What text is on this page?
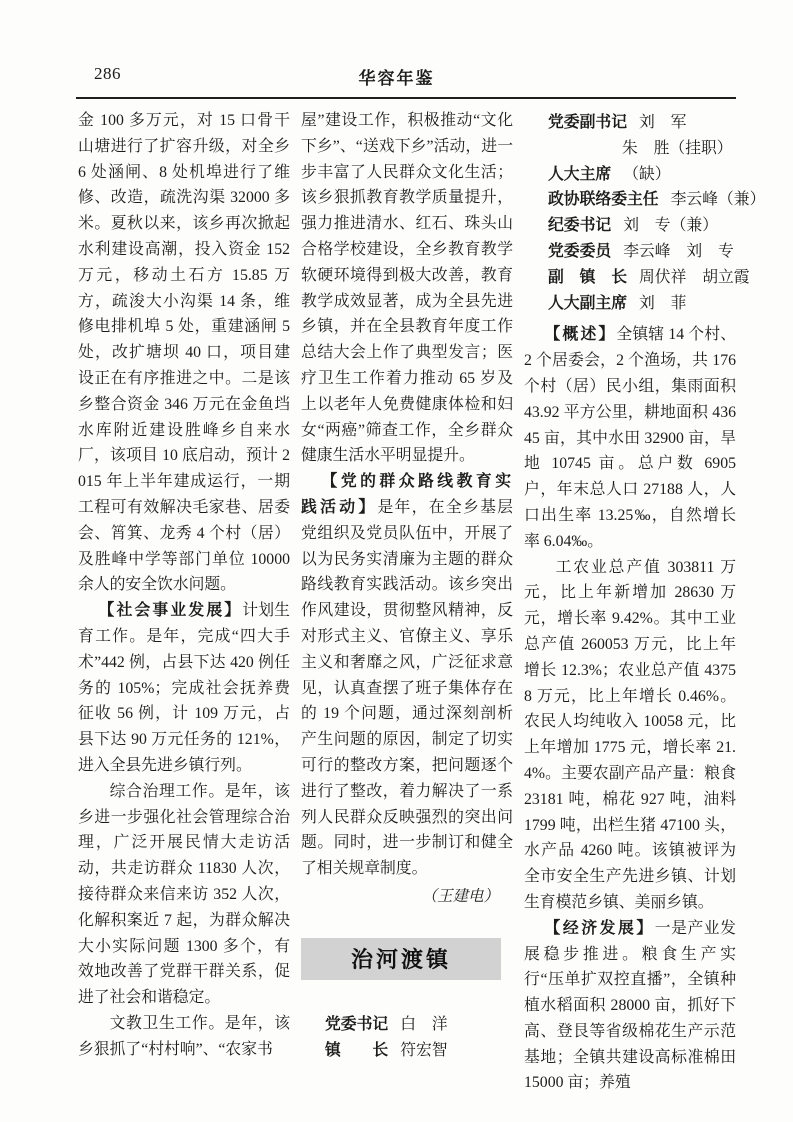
286	华容年鉴

金 100 多万元，对 15 口骨干山塘进行了扩容升级，对全乡 6 处涵闸、8 处机埠进行了维修、改造，疏洗沟渠 32000 多米。夏秋以来，该乡再次掀起水利建设高潮，投入资金 152 万元，移动土石方 15.85 万方，疏浚大小沟渠 14 条，维修电排机埠 5 处，重建涵闸 5 处，改扩塘坝 40 口，项目建设正在有序推进之中。二是该乡整合资金 346 万元在金鱼垱水库附近建设胜峰乡自来水厂，该项目 10 底启动，预计 2015 年上半年建成运行，一期工程可有效解决毛家巷、居委会、筲箕、龙秀 4 个村（居）及胜峰中学等部门单位 10000 余人的安全饮水问题。

【社会事业发展】计划生育工作。是年，完成“四大手术”442 例，占县下达 420 例任务的 105%；完成社会抚养费征收 56 例，计 109 万元，占县下达 90 万元任务的 121%，进入全县先进乡镇行列。

综合治理工作。是年，该乡进一步强化社会管理综合治理，广泛开展民情大走访活动，共走访群众 11830 人次，接待群众来信来访 352 人次，化解积案近 7 起，为群众解决大小实际问题 1300 多个，有效地改善了党群干群关系，促进了社会和谐稳定。

文教卫生工作。是年，该乡狠抓了“村村响”、“农家书

屋”建设工作，积极推动“文化下乡”、“送戏下乡”活动，进一步丰富了人民群众文化生活；该乡狠抓教育教学质量提升，强力推进清水、红石、珠头山合格学校建设，全乡教育教学软硬环境得到极大改善，教育教学成效显著，成为全县先进乡镇，并在全县教育年度工作总结大会上作了典型发言；医疗卫生工作着力推动 65 岁及上以老年人免费健康体检和妇女“两癌”筛查工作，全乡群众健康生活水平明显提升。

【党的群众路线教育实践活动】是年，在全乡基层党组织及党员队伍中，开展了以为民务实清廉为主题的群众路线教育实践活动。该乡突出作风建设，贯彻整风精神，反对形式主义、官僚主义、享乐主义和奢靡之风，广泛征求意见，认真查摆了班子集体存在的 19 个问题，通过深刻剖析产生问题的原因，制定了切实可行的整改方案，把问题逐个进行了整改，着力解决了一系列人民群众反映强烈的突出问题。同时，进一步制订和健全了相关规章制度。

（王建电）

治河渡镇
党委书记 白　洋
镇　　长 符宏智
党委副书记 刘　军
朱　胜（挂职）
人大主席 （缺）
政协联络委主任 李云峰（兼）
纪委书记 刘　专（兼）
党委委员 李云峰　刘　专
副　镇　长 周伏祥　胡立霞
人大副主席 刘　菲

【概述】全镇辖 14 个村、2 个居委会，2 个渔场，共 176 个村（居）民小组，集雨面积 43.92 平方公里，耕地面积 43645 亩，其中水田 32900 亩，旱地 10745 亩。总户数 6905 户，年末总人口 27188 人，人口出生率 13.25‰，自然增长率 6.04‰。

工农业总产值 303811 万元，比上年新增加 28630 万元，增长率 9.42%。其中工业总产值 260053 万元，比上年增长 12.3%；农业总产值 43758 万元，比上年增长 0.46%。农民人均纯收入 10058 元，比上年增加 1775 元，增长率 21.4%。主要农副产品产量：粮食 23181 吨，棉花 927 吨，油料 1799 吨，出栏生猪 47100 头，水产品 4260 吨。该镇被评为全市安全生产先进乡镇、计划生育模范乡镇、美丽乡镇。

【经济发展】一是产业发展稳步推进。粮食生产实行“压单扩双控直播”，全镇种植水稻面积 28000 亩，抓好下高、登艮等省级棉花生产示范基地；全镇共建设高标准棉田 15000 亩；养殖
